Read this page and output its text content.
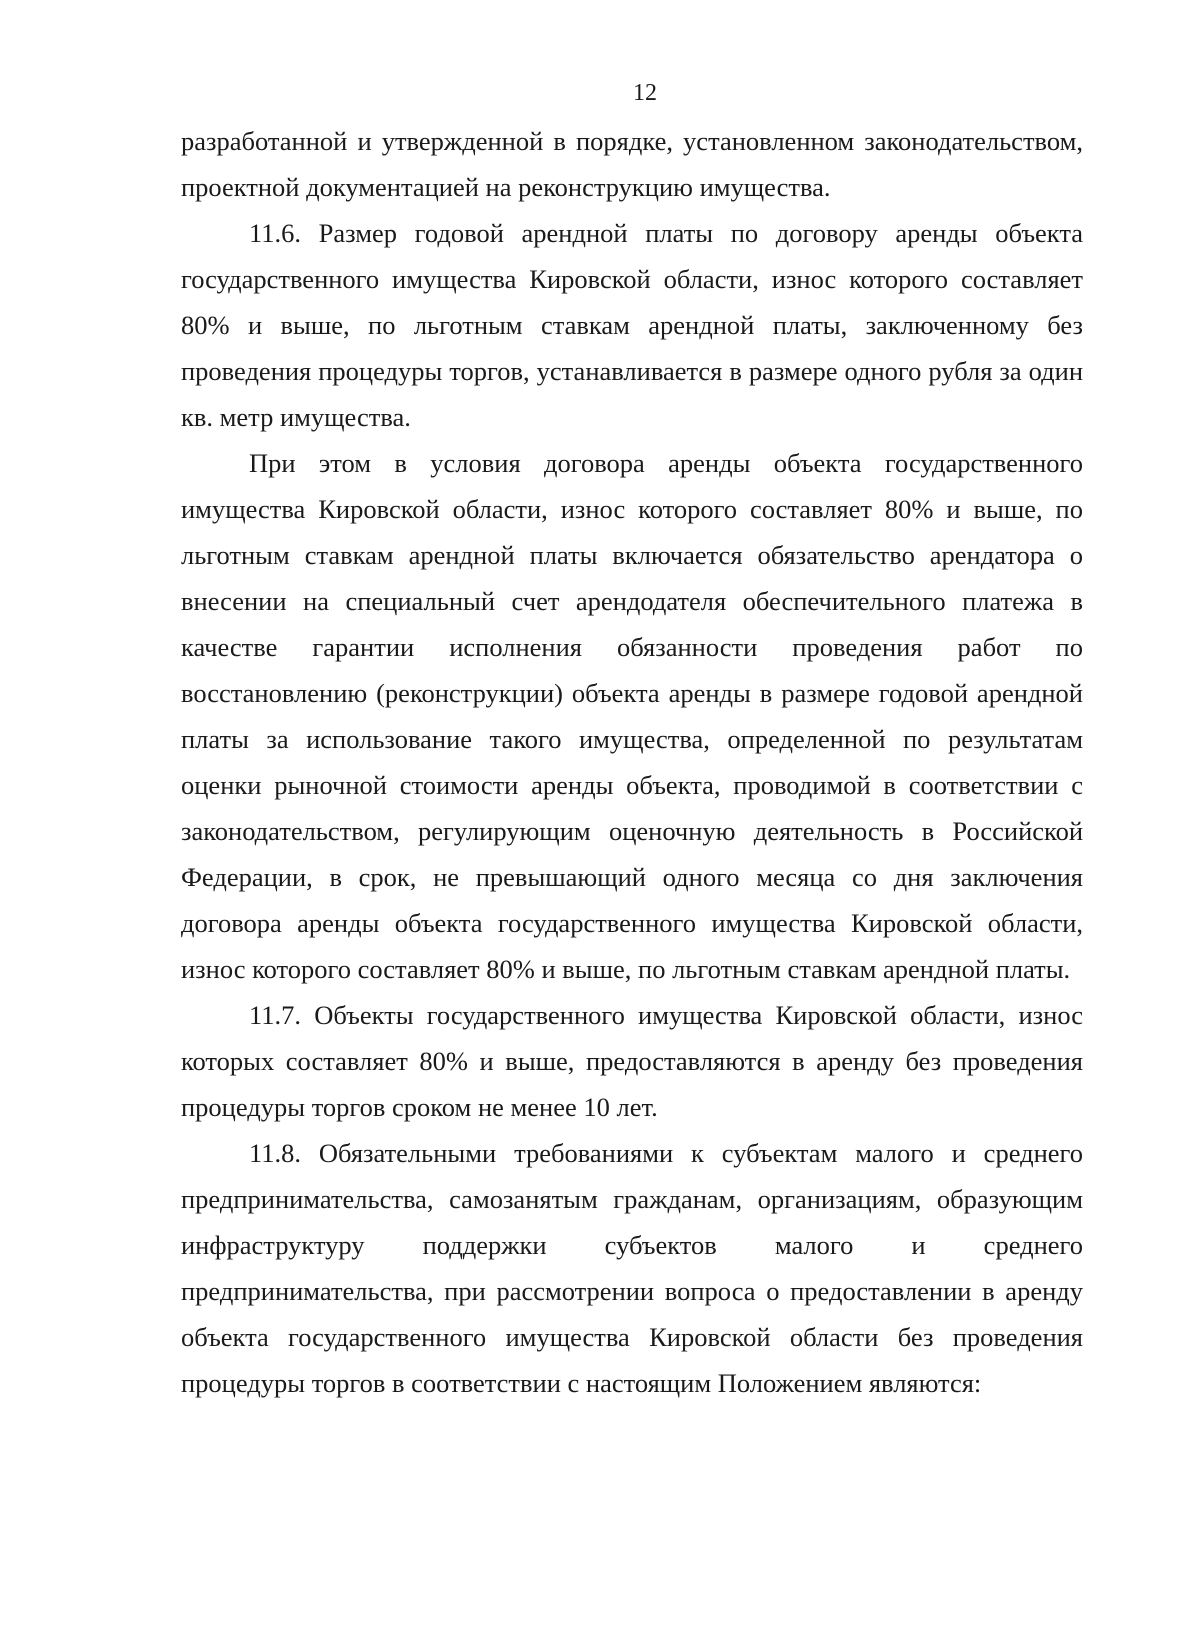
12

разработанной и утвержденной в порядке, установленном законодательством, проектной документацией на реконструкцию имущества.

11.6. Размер годовой арендной платы по договору аренды объекта государственного имущества Кировской области, износ которого составляет 80% и выше, по льготным ставкам арендной платы, заключенному без проведения процедуры торгов, устанавливается в размере одного рубля за один кв. метр имущества.

При этом в условия договора аренды объекта государственного имущества Кировской области, износ которого составляет 80% и выше, по льготным ставкам арендной платы включается обязательство арендатора о внесении на специальный счет арендодателя обеспечительного платежа в качестве гарантии исполнения обязанности проведения работ по восстановлению (реконструкции) объекта аренды в размере годовой арендной платы за использование такого имущества, определенной по результатам оценки рыночной стоимости аренды объекта, проводимой в соответствии с законодательством, регулирующим оценочную деятельность в Российской Федерации, в срок, не превышающий одного месяца со дня заключения договора аренды объекта государственного имущества Кировской области, износ которого составляет 80% и выше, по льготным ставкам арендной платы.

11.7. Объекты государственного имущества Кировской области, износ которых составляет 80% и выше, предоставляются в аренду без проведения процедуры торгов сроком не менее 10 лет.

11.8. Обязательными требованиями к субъектам малого и среднего предпринимательства, самозанятым гражданам, организациям, образующим инфраструктуру поддержки субъектов малого и среднего предпринимательства, при рассмотрении вопроса о предоставлении в аренду объекта государственного имущества Кировской области без проведения процедуры торгов в соответствии с настоящим Положением являются:
